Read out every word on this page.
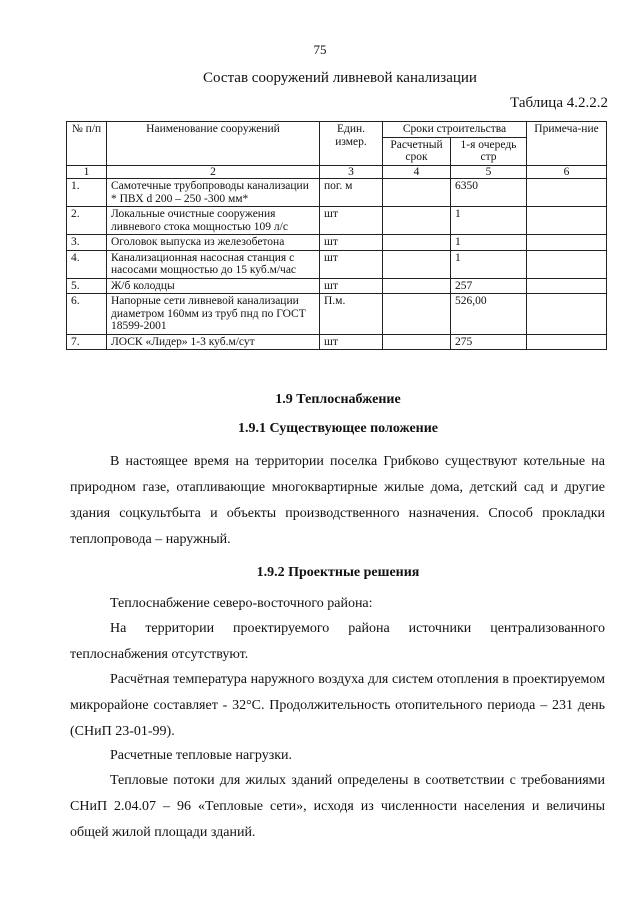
75
Состав сооружений ливневой канализации
Таблица 4.2.2.2
№ п/п	Наименование сооружений	Един. измер.	Сроки строительства		Примеча-ние
			Расчетный срок	1-я очередь стр	
1	2	3	4	5	6
1.	Самотечные трубопроводы канализации * ПВХ d 200 – 250 -300 мм*	пог. м		6350	
2.	Локальные очистные сооружения ливневого стока мощностью 109 л/с	шт		1	
3.	Оголовок выпуска из железобетона	шт		1	
4.	Канализационная насосная станция с насосами мощностью до 15 куб.м/час	шт		1	
5.	Ж/б колодцы	шт		257	
6.	Напорные сети ливневой канализации диаметром 160мм из труб пнд по ГОСТ 18599-2001	П.м.		526,00	
7.	ЛОСК «Лидер» 1-3 куб.м/сут	шт		275	
1.9 Теплоснабжение
1.9.1 Существующее положение
В настоящее время на территории поселка Грибково существуют котельные на природном газе, отапливающие многоквартирные жилые дома, детский сад и другие здания соцкультбыта и объекты производственного назначения. Способ прокладки теплопровода – наружный.
1.9.2 Проектные решения
Теплоснабжение северо-восточного района:
На территории проектируемого района источники централизованного теплоснабжения отсутствуют.
Расчётная температура наружного воздуха для систем отопления в проектируемом микрорайоне составляет - 32°С. Продолжительность отопительного периода – 231 день (СНиП 23-01-99).
Расчетные тепловые нагрузки.
Тепловые потоки для жилых зданий определены в соответствии с требованиями СНиП 2.04.07 – 96 «Тепловые сети», исходя из численности населения и величины общей жилой площади зданий.
